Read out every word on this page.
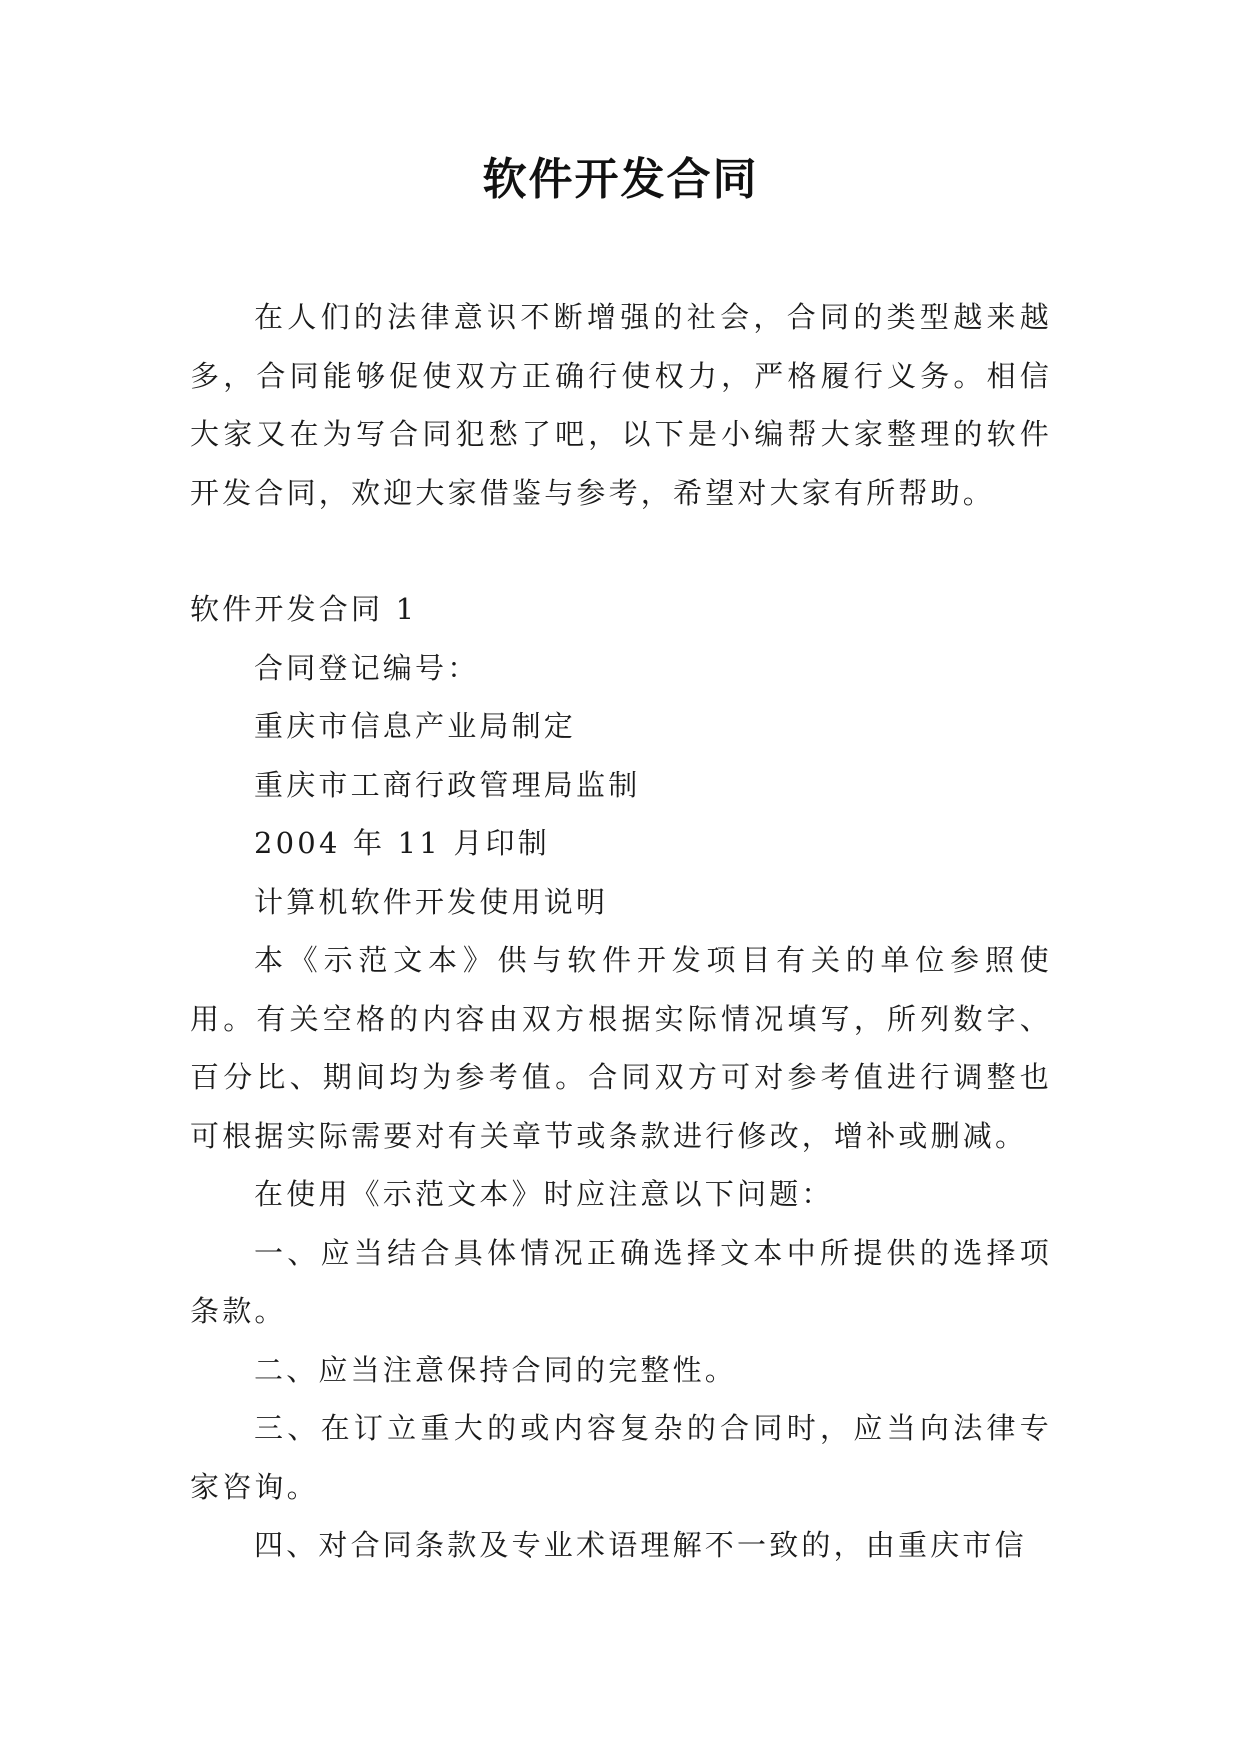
软件开发合同

在人们的法律意识不断增强的社会，合同的类型越来越多，合同能够促使双方正确行使权力，严格履行义务。相信大家又在为写合同犯愁了吧，以下是小编帮大家整理的软件开发合同，欢迎大家借鉴与参考，希望对大家有所帮助。

软件开发合同 1

合同登记编号：

重庆市信息产业局制定

重庆市工商行政管理局监制

2004 年 11 月印制

计算机软件开发使用说明

本《示范文本》供与软件开发项目有关的单位参照使用。有关空格的内容由双方根据实际情况填写，所列数字、百分比、期间均为参考值。合同双方可对参考值进行调整也可根据实际需要对有关章节或条款进行修改，增补或删减。

在使用《示范文本》时应注意以下问题：

一、应当结合具体情况正确选择文本中所提供的选择项条款。

二、应当注意保持合同的完整性。

三、在订立重大的或内容复杂的合同时，应当向法律专家咨询。

四、对合同条款及专业术语理解不一致的，由重庆市信
